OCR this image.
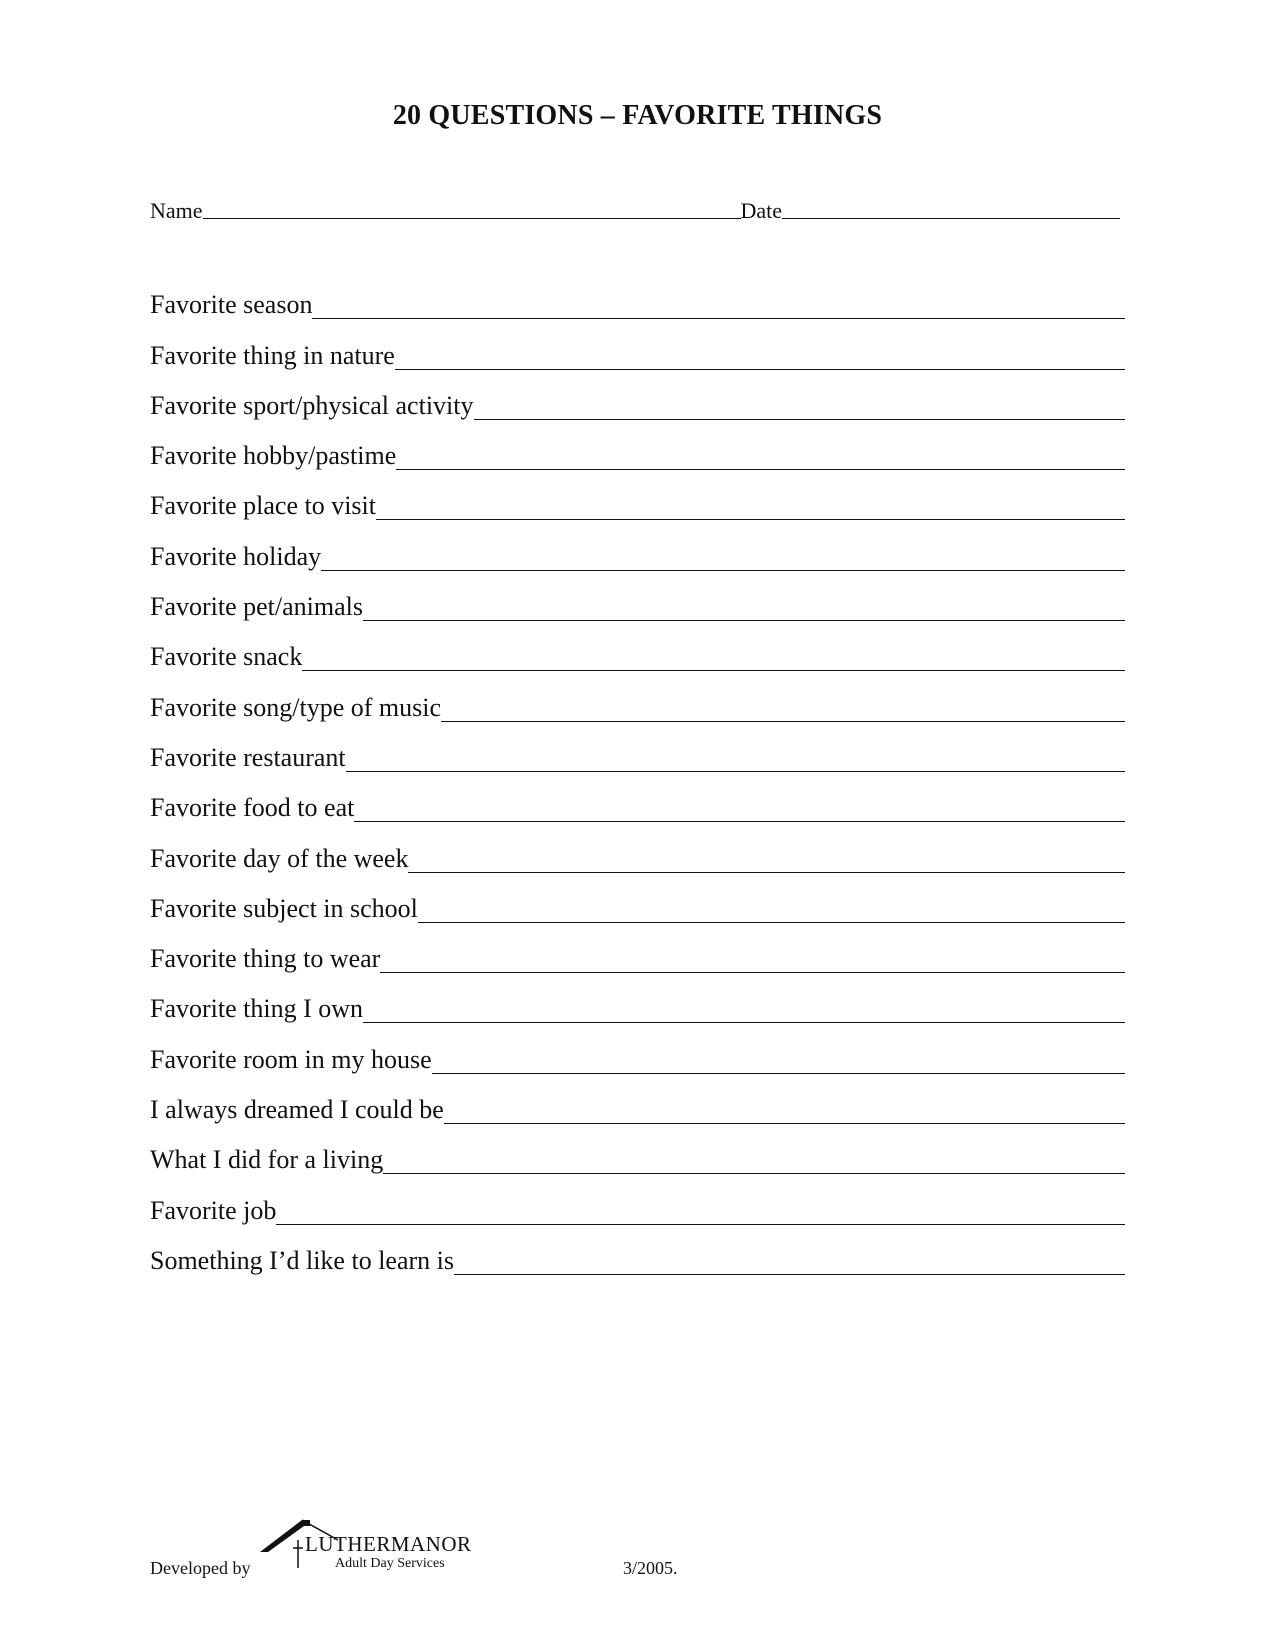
20 QUESTIONS – FAVORITE THINGS
Name	Date
Favorite season
Favorite thing in nature
Favorite sport/physical activity
Favorite hobby/pastime
Favorite place to visit
Favorite holiday
Favorite pet/animals
Favorite snack
Favorite song/type of music
Favorite restaurant
Favorite food to eat
Favorite day of the week
Favorite subject in school
Favorite thing to wear
Favorite thing I own
Favorite room in my house
I always dreamed I could be
What I did for a living
Favorite job
Something I’d like to learn is
Developed by
LUTHERMANOR
Adult Day Services	3/2005.
